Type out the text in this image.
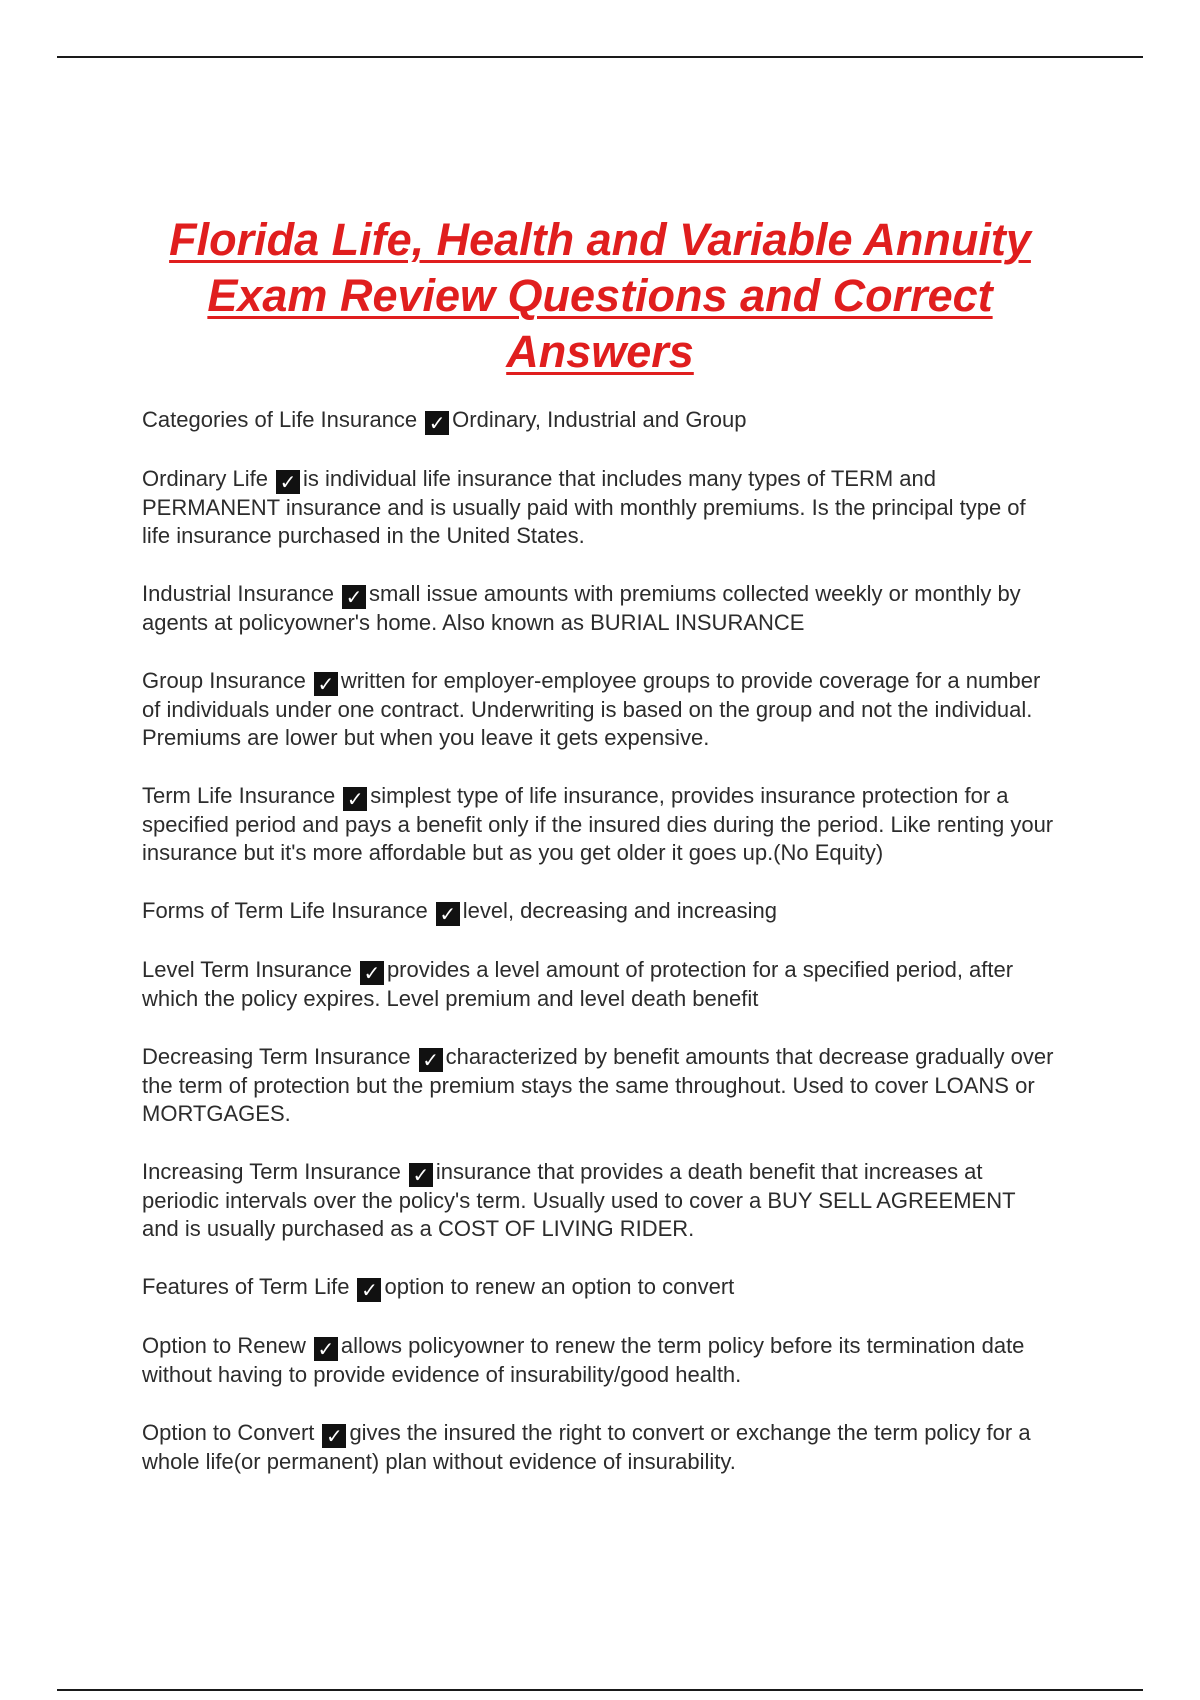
Florida Life, Health and Variable Annuity Exam Review Questions and Correct Answers

Categories of Life Insurance ✓ Ordinary, Industrial and Group

Ordinary Life ✓ is individual life insurance that includes many types of TERM and PERMANENT insurance and is usually paid with monthly premiums. Is the principal type of life insurance purchased in the United States.

Industrial Insurance ✓ small issue amounts with premiums collected weekly or monthly by agents at policyowner's home. Also known as BURIAL INSURANCE

Group Insurance ✓ written for employer-employee groups to provide coverage for a number of individuals under one contract. Underwriting is based on the group and not the individual. Premiums are lower but when you leave it gets expensive.

Term Life Insurance ✓ simplest type of life insurance, provides insurance protection for a specified period and pays a benefit only if the insured dies during the period. Like renting your insurance but it's more affordable but as you get older it goes up.(No Equity)

Forms of Term Life Insurance ✓ level, decreasing and increasing

Level Term Insurance ✓ provides a level amount of protection for a specified period, after which the policy expires. Level premium and level death benefit

Decreasing Term Insurance ✓ characterized by benefit amounts that decrease gradually over the term of protection but the premium stays the same throughout. Used to cover LOANS or MORTGAGES.

Increasing Term Insurance ✓ insurance that provides a death benefit that increases at periodic intervals over the policy's term. Usually used to cover a BUY SELL AGREEMENT and is usually purchased as a COST OF LIVING RIDER.

Features of Term Life ✓ option to renew an option to convert

Option to Renew ✓ allows policyowner to renew the term policy before its termination date without having to provide evidence of insurability/good health.

Option to Convert ✓ gives the insured the right to convert or exchange the term policy for a whole life(or permanent) plan without evidence of insurability.
